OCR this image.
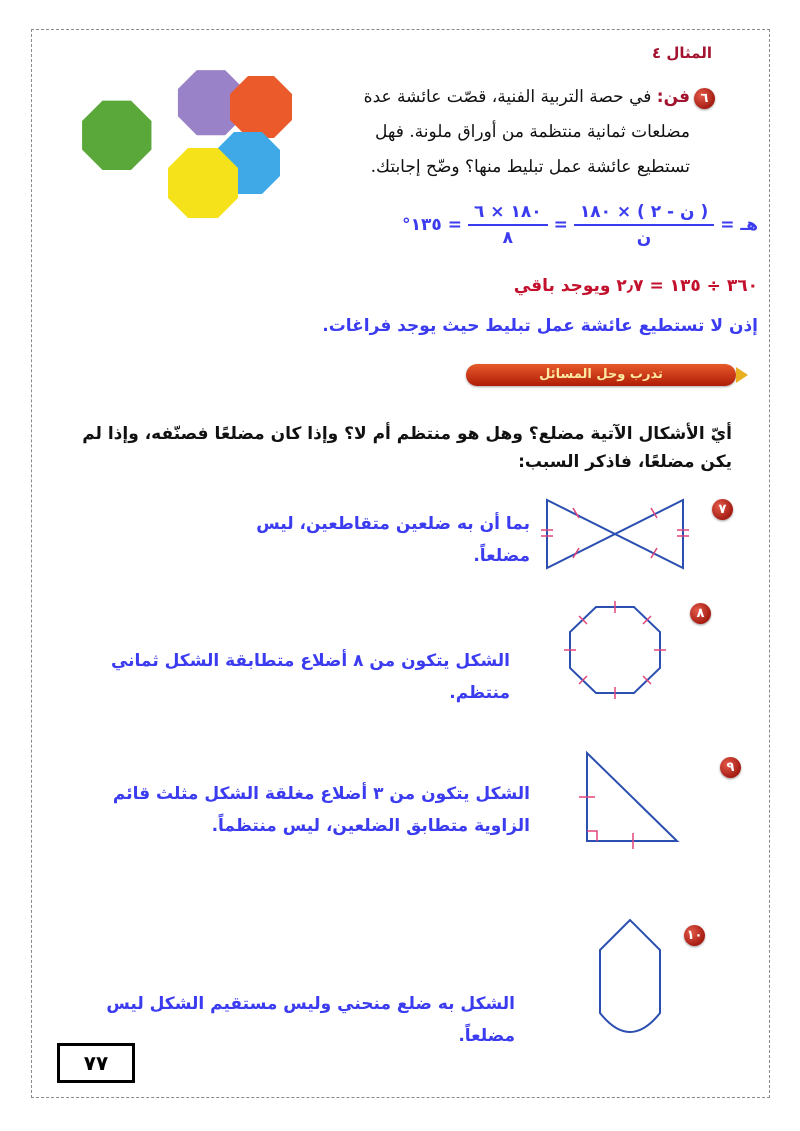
المثال ٤
٦
فن: في حصة التربية الفنية، قصّت عائشة عدة مضلعات ثمانية منتظمة من أوراق ملونة. فهل تستطيع عائشة عمل تبليط منها؟ وضّح إجابتك.
هـ =
$\frac{\text{( ن - ٢ ) × ١٨٠}}{\text{ن}}$
=
$\frac{١٨٠ \times ٦}{٨}$
= ١٣٥°
٣٦٠ ÷ ١٣٥ = ٢٫٧ ويوجد باقي
إذن لا تستطيع عائشة عمل تبليط حيث يوجد فراغات.
تدرب وحل المسائل
أيّ الأشكال الآتية مضلع؟ وهل هو منتظم أم لا؟ وإذا كان مضلعًا فصنّفه، وإذا لم يكن مضلعًا، فاذكر السبب:
٧
بما أن به ضلعين متقاطعين، ليس مضلعاً.
٨
الشكل يتكون من ٨ أضلاع متطابقة الشكل ثماني منتظم.
٩
الشكل يتكون من ٣ أضلاع مغلقة الشكل مثلث قائم الزاوية متطابق الضلعين، ليس منتظماً.
١٠
الشكل به ضلع منحني وليس مستقيم الشكل ليس مضلعاً.
٧٧
